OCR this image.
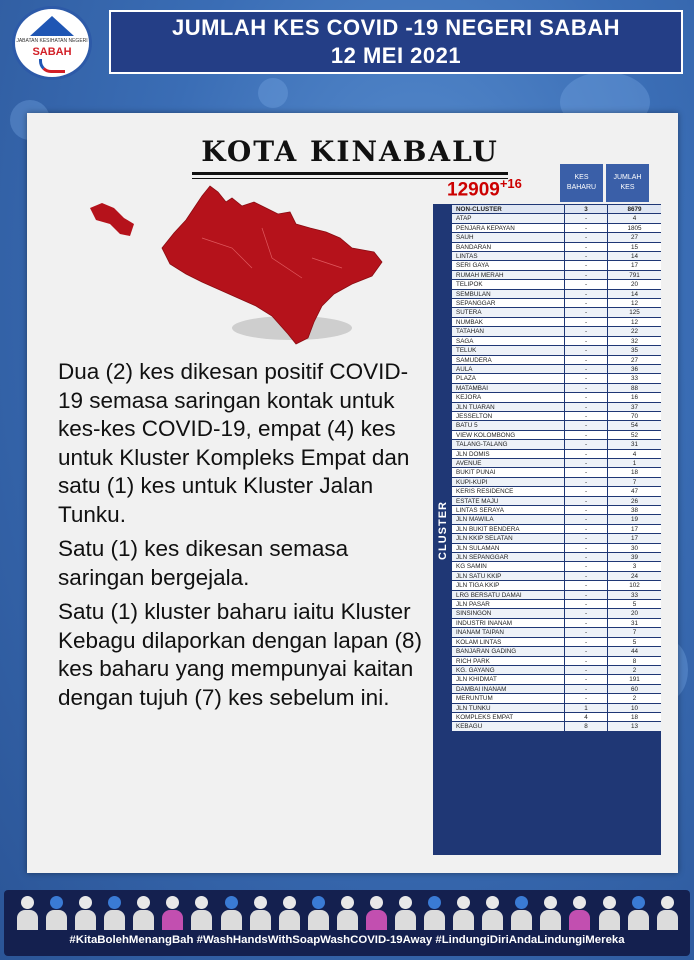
JABATAN KESIHATAN NEGERI
SABAH
JUMLAH KES COVID -19 NEGERI SABAH
12 MEI 2021
KOTA KINABALU

Dua (2) kes dikesan positif COVID-19 semasa saringan kontak untuk kes-kes COVID-19, empat (4) kes untuk Kluster Kompleks Empat dan satu (1) kes untuk Kluster Jalan Tunku.

Satu (1) kes dikesan semasa saringan bergejala.

Satu (1) kluster baharu iaitu Kluster Kebagu dilaporkan dengan lapan (8) kes baharu yang mempunyai kaitan dengan tujuh (7) kes sebelum ini.

$12909^{+16}$	KES BAHARU
JUMLAH KES
CLUSTER
NON-CLUSTER	3	8679
ATAP	-	4
PENJARA KEPAYAN	-	1805
SAUH	-	27
BANDARAN	-	15
LINTAS	-	14
SERI GAYA	-	17
RUMAH MERAH	-	791
TELIPOK	-	20
SEMBULAN	-	14
SEPANGGAR	-	12
SUTERA	-	125
NUMBAK	-	12
TATAHAN	-	22
SAGA	-	32
TELUK	-	35
SAMUDERA	-	27
AULA	-	36
PLAZA	-	33
MATAMBAI	-	88
KEJORA	-	16
JLN TUARAN	-	37
JESSELTON	-	70
BATU 5	-	54
VIEW KOLOMBONG	-	52
TALANG-TALANG	-	31
JLN DOMIS	-	4
AVENUE	-	1
BUKIT PUNAI	-	18
KUPI-KUPI	-	7
KERIS RESIDENCE	-	47
ESTATE MAJU	-	26
LINTAS SERAYA	-	38
JLN MAWILA	-	19
JLN BUKIT BENDERA	-	17
JLN KKIP SELATAN	-	17
JLN SULAMAN	-	30
JLN SEPANGGAR	-	39
KG SAMIN	-	3
JLN SATU KKIP	-	24
JLN TIGA KKIP	-	102
LRG BERSATU DAMAI	-	33
JLN PASAR	-	5
SINSINGON	-	20
INDUSTRI INANAM	-	31
INANAM TAIPAN	-	7
KOLAM LINTAS	-	5
BANJARAN GADING	-	44
RICH PARK	-	8
KG. GAYANG	-	2
JLN KHIDMAT	-	191
DAMBAI INANAM	-	60
MERUNTUM	-	2
JLN TUNKU	1	10
KOMPLEKS EMPAT	4	18
KEBAGU	8	13
#KitaBolehMenangBah #WashHandsWithSoapWashCOVID-19Away #LindungiDiriAndaLindungiMereka
